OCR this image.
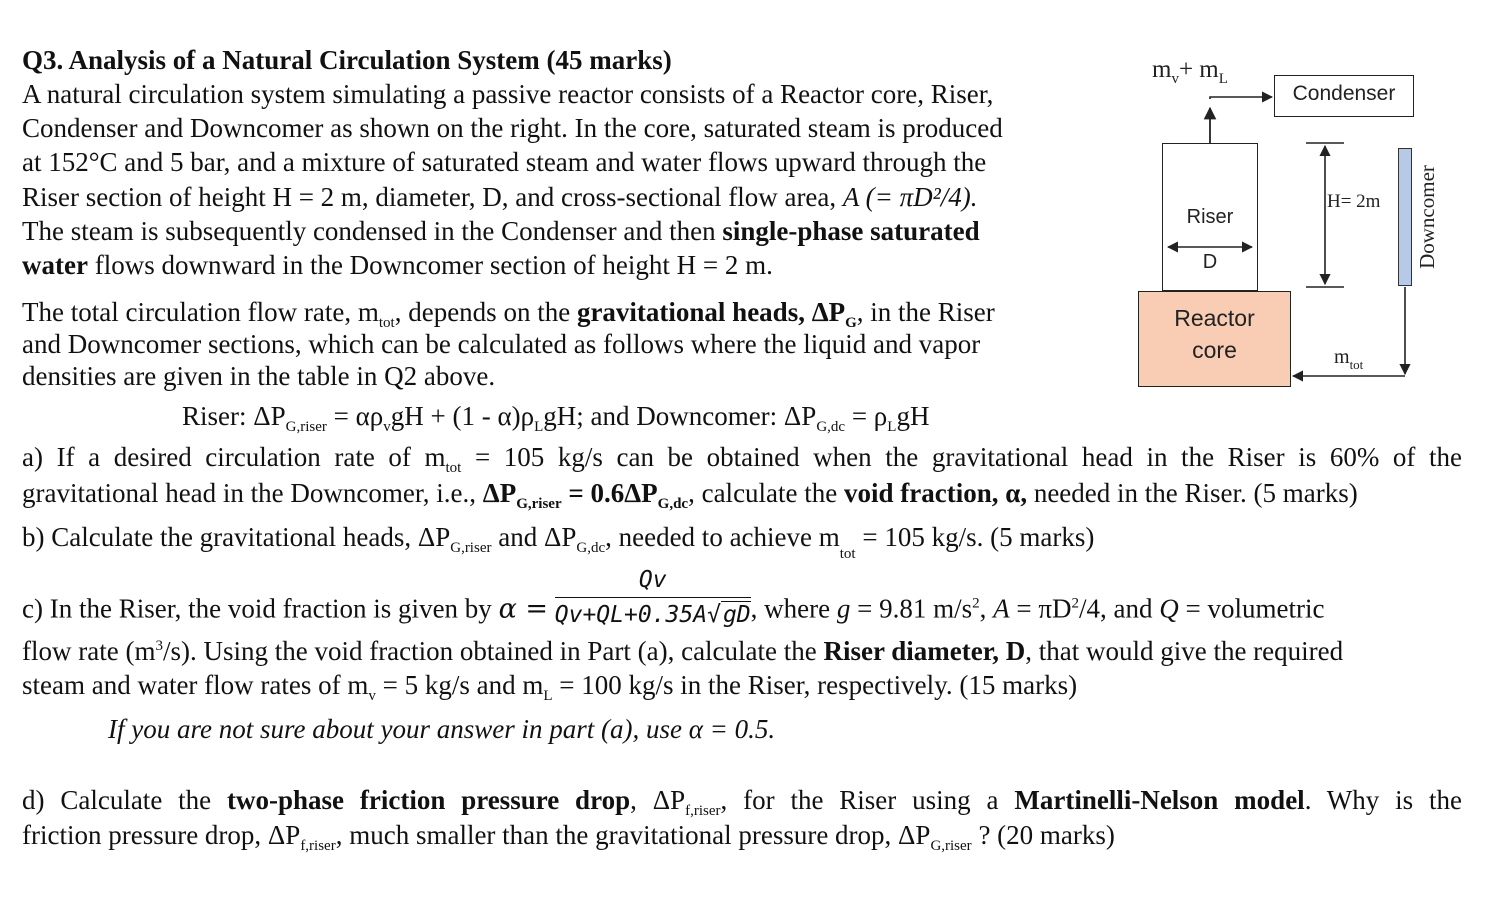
Q3. Analysis of a Natural Circulation System (45 marks)
A natural circulation system simulating a passive reactor consists of a Reactor core, Riser,
Condenser and Downcomer as shown on the right. In the core, saturated steam is produced
at 152°C and 5 bar, and a mixture of saturated steam and water flows upward through the
Riser section of height H = 2 m, diameter, D, and cross-sectional flow area, A (= πD²/4).
The steam is subsequently condensed in the Condenser and then single-phase saturated
water flows downward in the Downcomer section of height H = 2 m.
The total circulation flow rate, $m_{tot}$, depends on the gravitational heads, $\Delta P_G$, in the Riser
and Downcomer sections, which can be calculated as follows where the liquid and vapor
densities are given in the table in Q2 above.
Riser: $\Delta P_{G,riser} = \alpha\rho_vgH + (1 - \alpha)\rho_LgH$; and Downcomer: $\Delta P_{G,dc} = \rho_LgH$
a) If a desired circulation rate of $m_{tot} = 105$ kg/s can be obtained when the gravitational head in the Riser is 60% of the
gravitational head in the Downcomer, i.e., $\Delta P_{G,riser} = 0.6\Delta P_{G,dc}$, calculate the void fraction, α, needed in the Riser. (5 marks)
b) Calculate the gravitational heads, $\Delta P_{G,riser}$ and $\Delta P_{G,dc}$, needed to achieve $m_{tot} = 105$ kg/s. (5 marks)
c) In the Riser, the void fraction is given by $\alpha = \frac{Qv}{Qv+QL+0.35A√gD}$ , where g = 9.81 $m/s^2$, $A = \pi D^2/4$, and Q = volumetric
flow rate $(m^3/s)$. Using the void fraction obtained in Part (a), calculate the Riser diameter, D, that would give the required
steam and water flow rates of $m_v = 5$ kg/s and $m_L = 100$ kg/s in the Riser, respectively. (15 marks)
If you are not sure about your answer in part (a), use α = 0.5.
d) Calculate the two-phase friction pressure drop, $\Delta P_{f,riser}$, for the Riser using a Martinelli-Nelson model. Why is the
friction pressure drop, $\Delta P_{f,riser}$, much smaller than the gravitational pressure drop, $\Delta P_{G,riser}$ ? (20 marks)
$m_v+ m_L$
Condenser
Riser
D
Reactor
core
H= 2m Downcomer
$m_{tot}$
